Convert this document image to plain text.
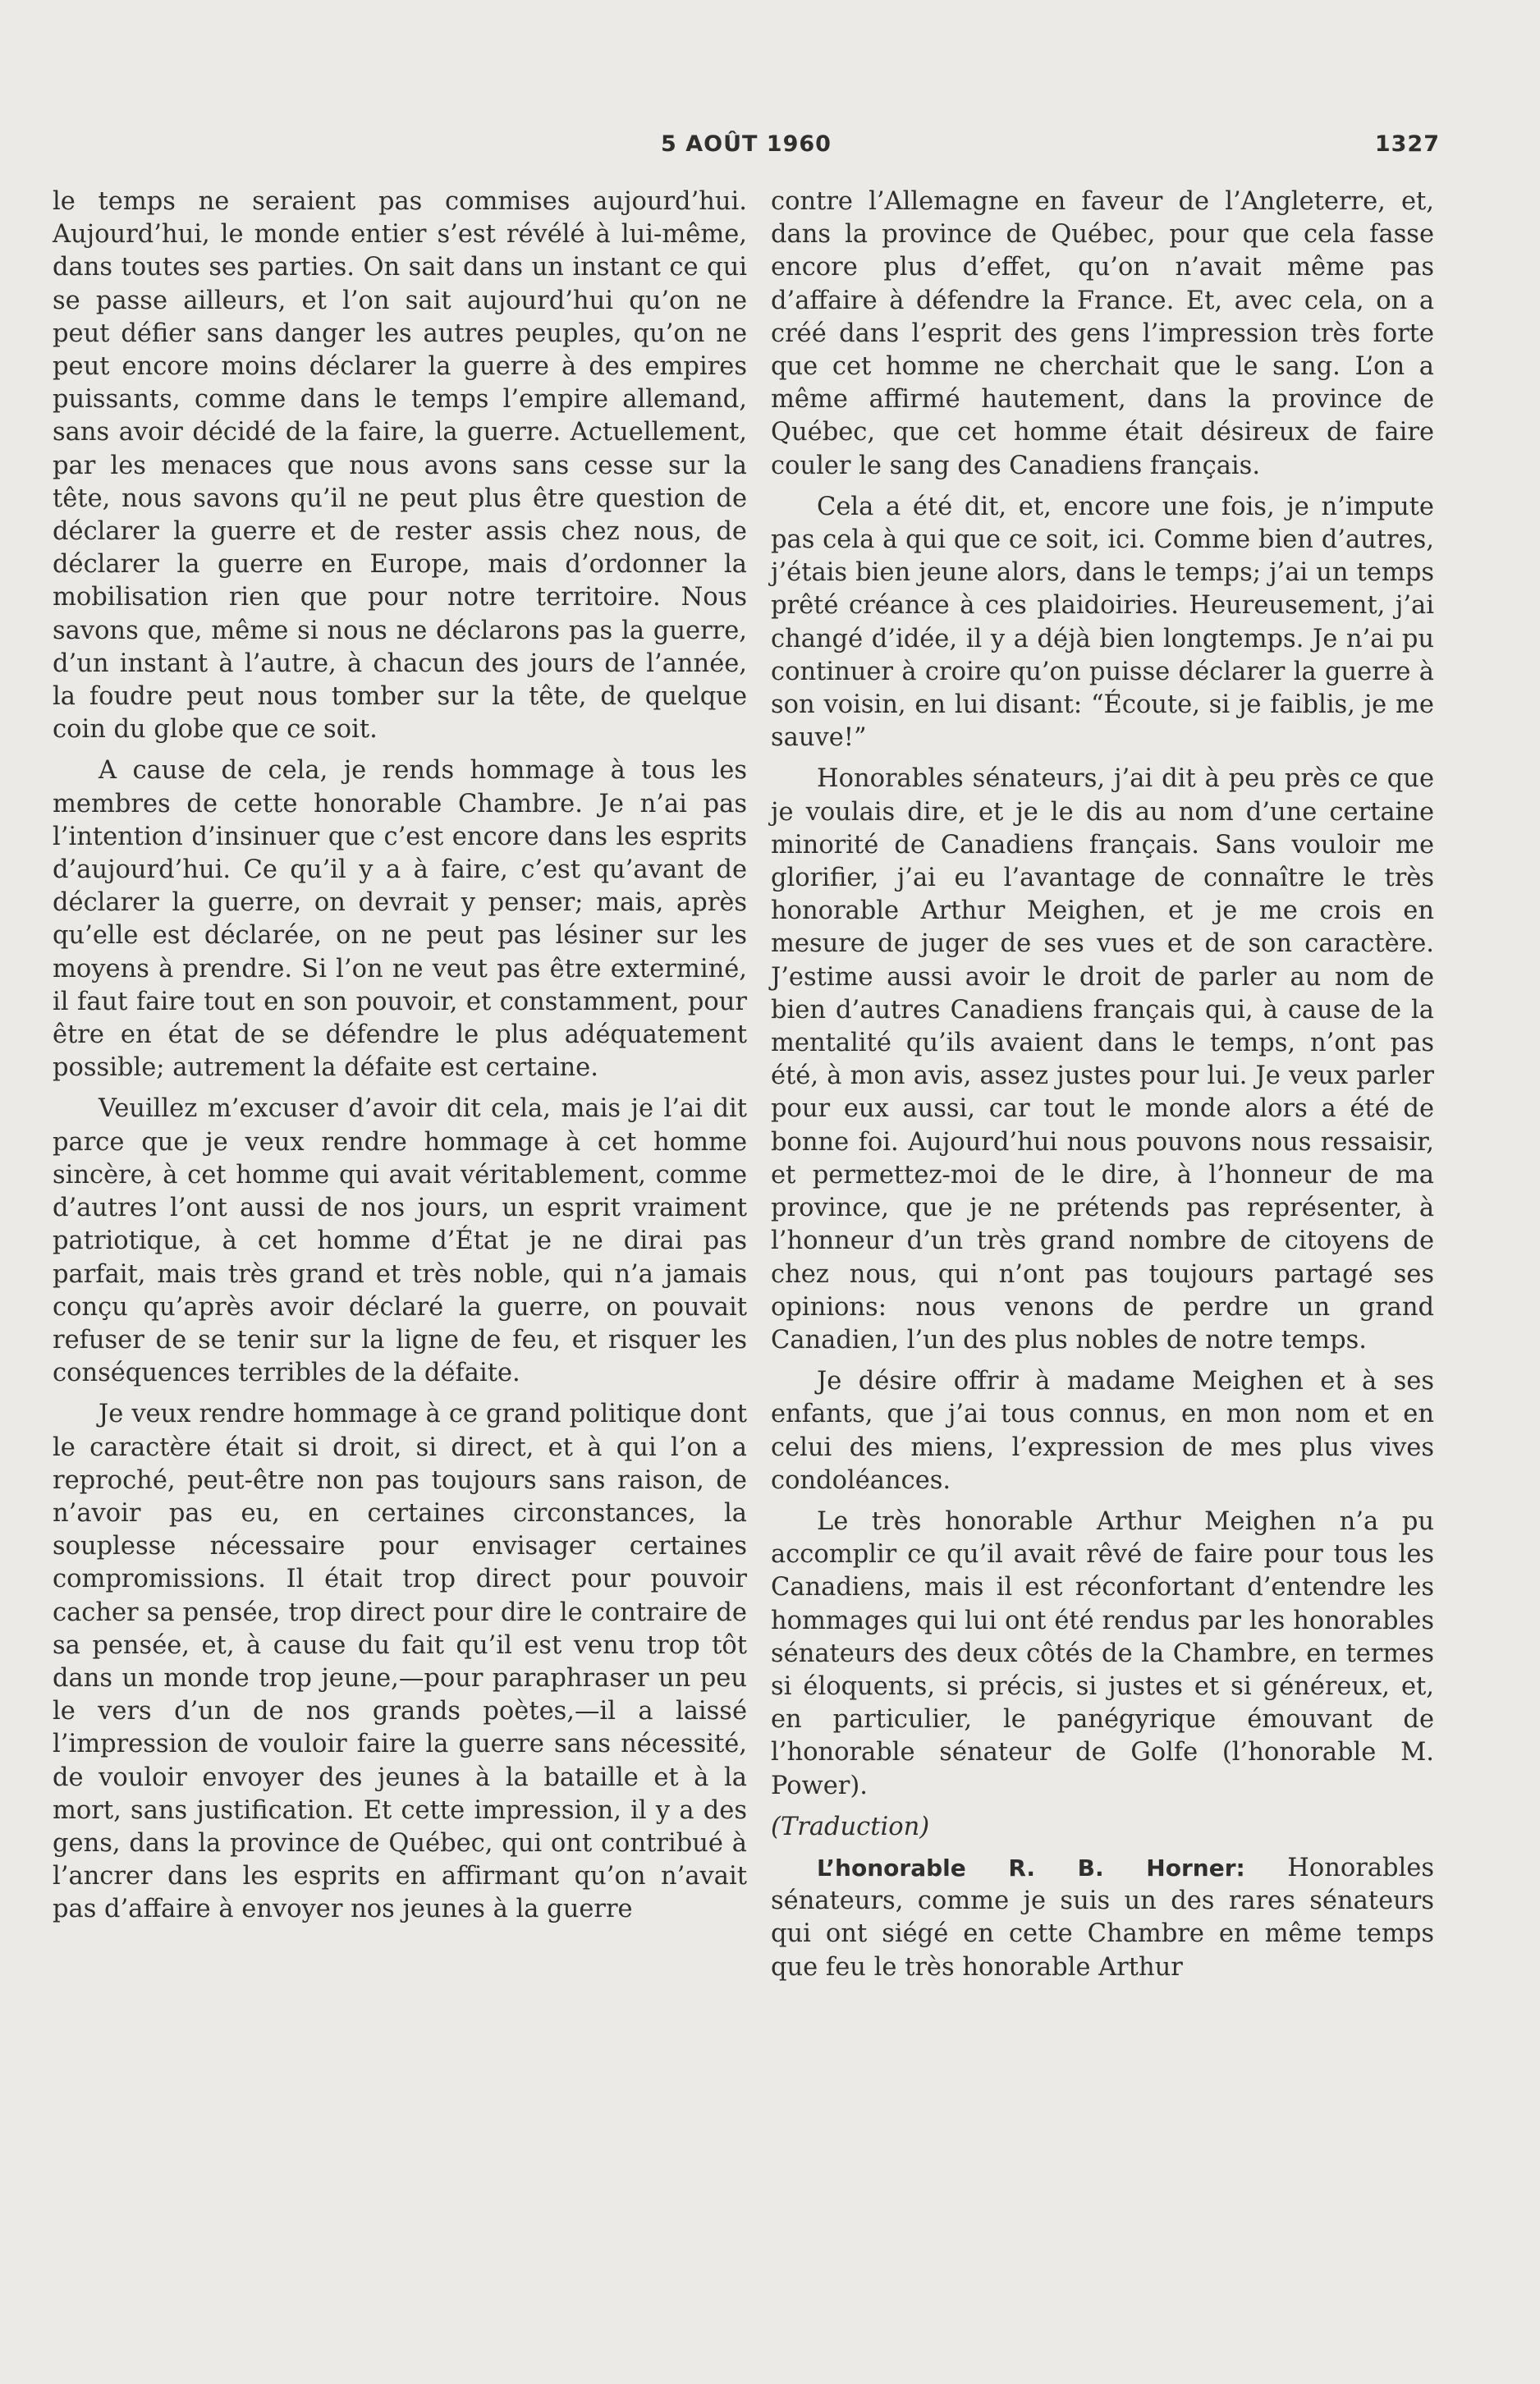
5 AOÛT 1960	1327

le temps ne seraient pas commises aujourd’hui. Aujourd’hui, le monde entier s’est révélé à lui-même, dans toutes ses parties. On sait dans un instant ce qui se passe ailleurs, et l’on sait aujourd’hui qu’on ne peut défier sans danger les autres peuples, qu’on ne peut encore moins déclarer la guerre à des empires puissants, comme dans le temps l’empire allemand, sans avoir décidé de la faire, la guerre. Actuellement, par les menaces que nous avons sans cesse sur la tête, nous savons qu’il ne peut plus être question de déclarer la guerre et de rester assis chez nous, de déclarer la guerre en Europe, mais d’ordonner la mobilisation rien que pour notre territoire. Nous savons que, même si nous ne déclarons pas la guerre, d’un instant à l’autre, à chacun des jours de l’année, la foudre peut nous tomber sur la tête, de quelque coin du globe que ce soit.

A cause de cela, je rends hommage à tous les membres de cette honorable Chambre. Je n’ai pas l’intention d’insinuer que c’est encore dans les esprits d’aujourd’hui. Ce qu’il y a à faire, c’est qu’avant de déclarer la guerre, on devrait y penser; mais, après qu’elle est déclarée, on ne peut pas lésiner sur les moyens à prendre. Si l’on ne veut pas être exterminé, il faut faire tout en son pouvoir, et constamment, pour être en état de se défendre le plus adéquatement possible; autrement la défaite est certaine.

Veuillez m’excuser d’avoir dit cela, mais je l’ai dit parce que je veux rendre hommage à cet homme sincère, à cet homme qui avait véritablement, comme d’autres l’ont aussi de nos jours, un esprit vraiment patriotique, à cet homme d’État je ne dirai pas parfait, mais très grand et très noble, qui n’a jamais conçu qu’après avoir déclaré la guerre, on pouvait refuser de se tenir sur la ligne de feu, et risquer les conséquences terribles de la défaite.

Je veux rendre hommage à ce grand politique dont le caractère était si droit, si direct, et à qui l’on a reproché, peut-être non pas toujours sans raison, de n’avoir pas eu, en certaines circonstances, la souplesse nécessaire pour envisager certaines compromissions. Il était trop direct pour pouvoir cacher sa pensée, trop direct pour dire le contraire de sa pensée, et, à cause du fait qu’il est venu trop tôt dans un monde trop jeune,—pour paraphraser un peu le vers d’un de nos grands poètes,—il a laissé l’impression de vouloir faire la guerre sans nécessité, de vouloir envoyer des jeunes à la bataille et à la mort, sans justification. Et cette impression, il y a des gens, dans la province de Québec, qui ont contribué à l’ancrer dans les esprits en affirmant qu’on n’avait pas d’affaire à envoyer nos jeunes à la guerre

contre l’Allemagne en faveur de l’Angleterre, et, dans la province de Québec, pour que cela fasse encore plus d’effet, qu’on n’avait même pas d’affaire à défendre la France. Et, avec cela, on a créé dans l’esprit des gens l’impression très forte que cet homme ne cherchait que le sang. L’on a même affirmé hautement, dans la province de Québec, que cet homme était désireux de faire couler le sang des Canadiens français.

Cela a été dit, et, encore une fois, je n’impute pas cela à qui que ce soit, ici. Comme bien d’autres, j’étais bien jeune alors, dans le temps; j’ai un temps prêté créance à ces plaidoiries. Heureusement, j’ai changé d’idée, il y a déjà bien longtemps. Je n’ai pu continuer à croire qu’on puisse déclarer la guerre à son voisin, en lui disant: “Écoute, si je faiblis, je me sauve!”

Honorables sénateurs, j’ai dit à peu près ce que je voulais dire, et je le dis au nom d’une certaine minorité de Canadiens français. Sans vouloir me glorifier, j’ai eu l’avantage de connaître le très honorable Arthur Meighen, et je me crois en mesure de juger de ses vues et de son caractère. J’estime aussi avoir le droit de parler au nom de bien d’autres Canadiens français qui, à cause de la mentalité qu’ils avaient dans le temps, n’ont pas été, à mon avis, assez justes pour lui. Je veux parler pour eux aussi, car tout le monde alors a été de bonne foi. Aujourd’hui nous pouvons nous ressaisir, et permettez-moi de le dire, à l’honneur de ma province, que je ne prétends pas représenter, à l’honneur d’un très grand nombre de citoyens de chez nous, qui n’ont pas toujours partagé ses opinions: nous venons de perdre un grand Canadien, l’un des plus nobles de notre temps.

Je désire offrir à madame Meighen et à ses enfants, que j’ai tous connus, en mon nom et en celui des miens, l’expression de mes plus vives condoléances.

Le très honorable Arthur Meighen n’a pu accomplir ce qu’il avait rêvé de faire pour tous les Canadiens, mais il est réconfortant d’entendre les hommages qui lui ont été rendus par les honorables sénateurs des deux côtés de la Chambre, en termes si éloquents, si précis, si justes et si généreux, et, en particulier, le panégyrique émouvant de l’honorable sénateur de Golfe (l’honorable M. Power).

(Traduction)

L’honorable R. B. Horner: Honorables sénateurs, comme je suis un des rares sénateurs qui ont siégé en cette Chambre en même temps que feu le très honorable Arthur
